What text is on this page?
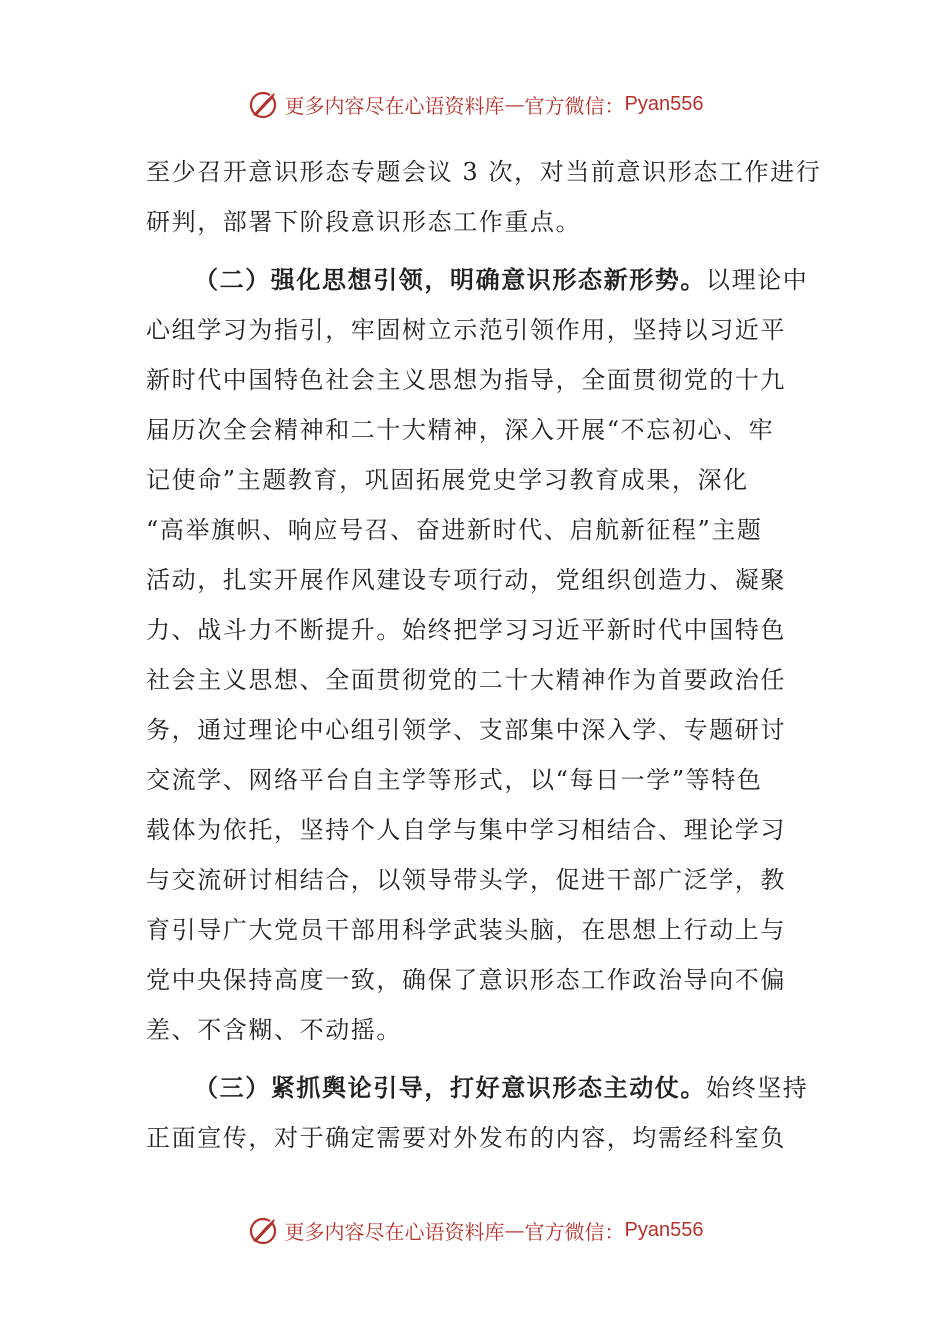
更多内容尽在心语资料库 — 官方微信： Pyan556
至少召开意识形态专题会议 3 次，对当前意识形态工作进行
研判，部署下阶段意识形态工作重点。
（二）强化思想引领，明确意识形态新形势。以理论中
心组学习为指引，牢固树立示范引领作用，坚持以习近平
新时代中国特色社会主义思想为指导，全面贯彻党的十九
届历次全会精神和二十大精神，深入开展“不忘初心、牢
记使命”主题教育，巩固拓展党史学习教育成果，深化
“高举旗帜、响应号召、奋进新时代、启航新征程”主题
活动，扎实开展作风建设专项行动，党组织创造力、凝聚
力、战斗力不断提升。始终把学习习近平新时代中国特色
社会主义思想、全面贯彻党的二十大精神作为首要政治任
务，通过理论中心组引领学、支部集中深入学、专题研讨
交流学、网络平台自主学等形式，以“每日一学”等特色
载体为依托，坚持个人自学与集中学习相结合、理论学习
与交流研讨相结合，以领导带头学，促进干部广泛学，教
育引导广大党员干部用科学武装头脑，在思想上行动上与
党中央保持高度一致，确保了意识形态工作政治导向不偏
差、不含糊、不动摇。
（三）紧抓舆论引导，打好意识形态主动仗。始终坚持
正面宣传，对于确定需要对外发布的内容，均需经科室负
更多内容尽在心语资料库 — 官方微信： Pyan556
